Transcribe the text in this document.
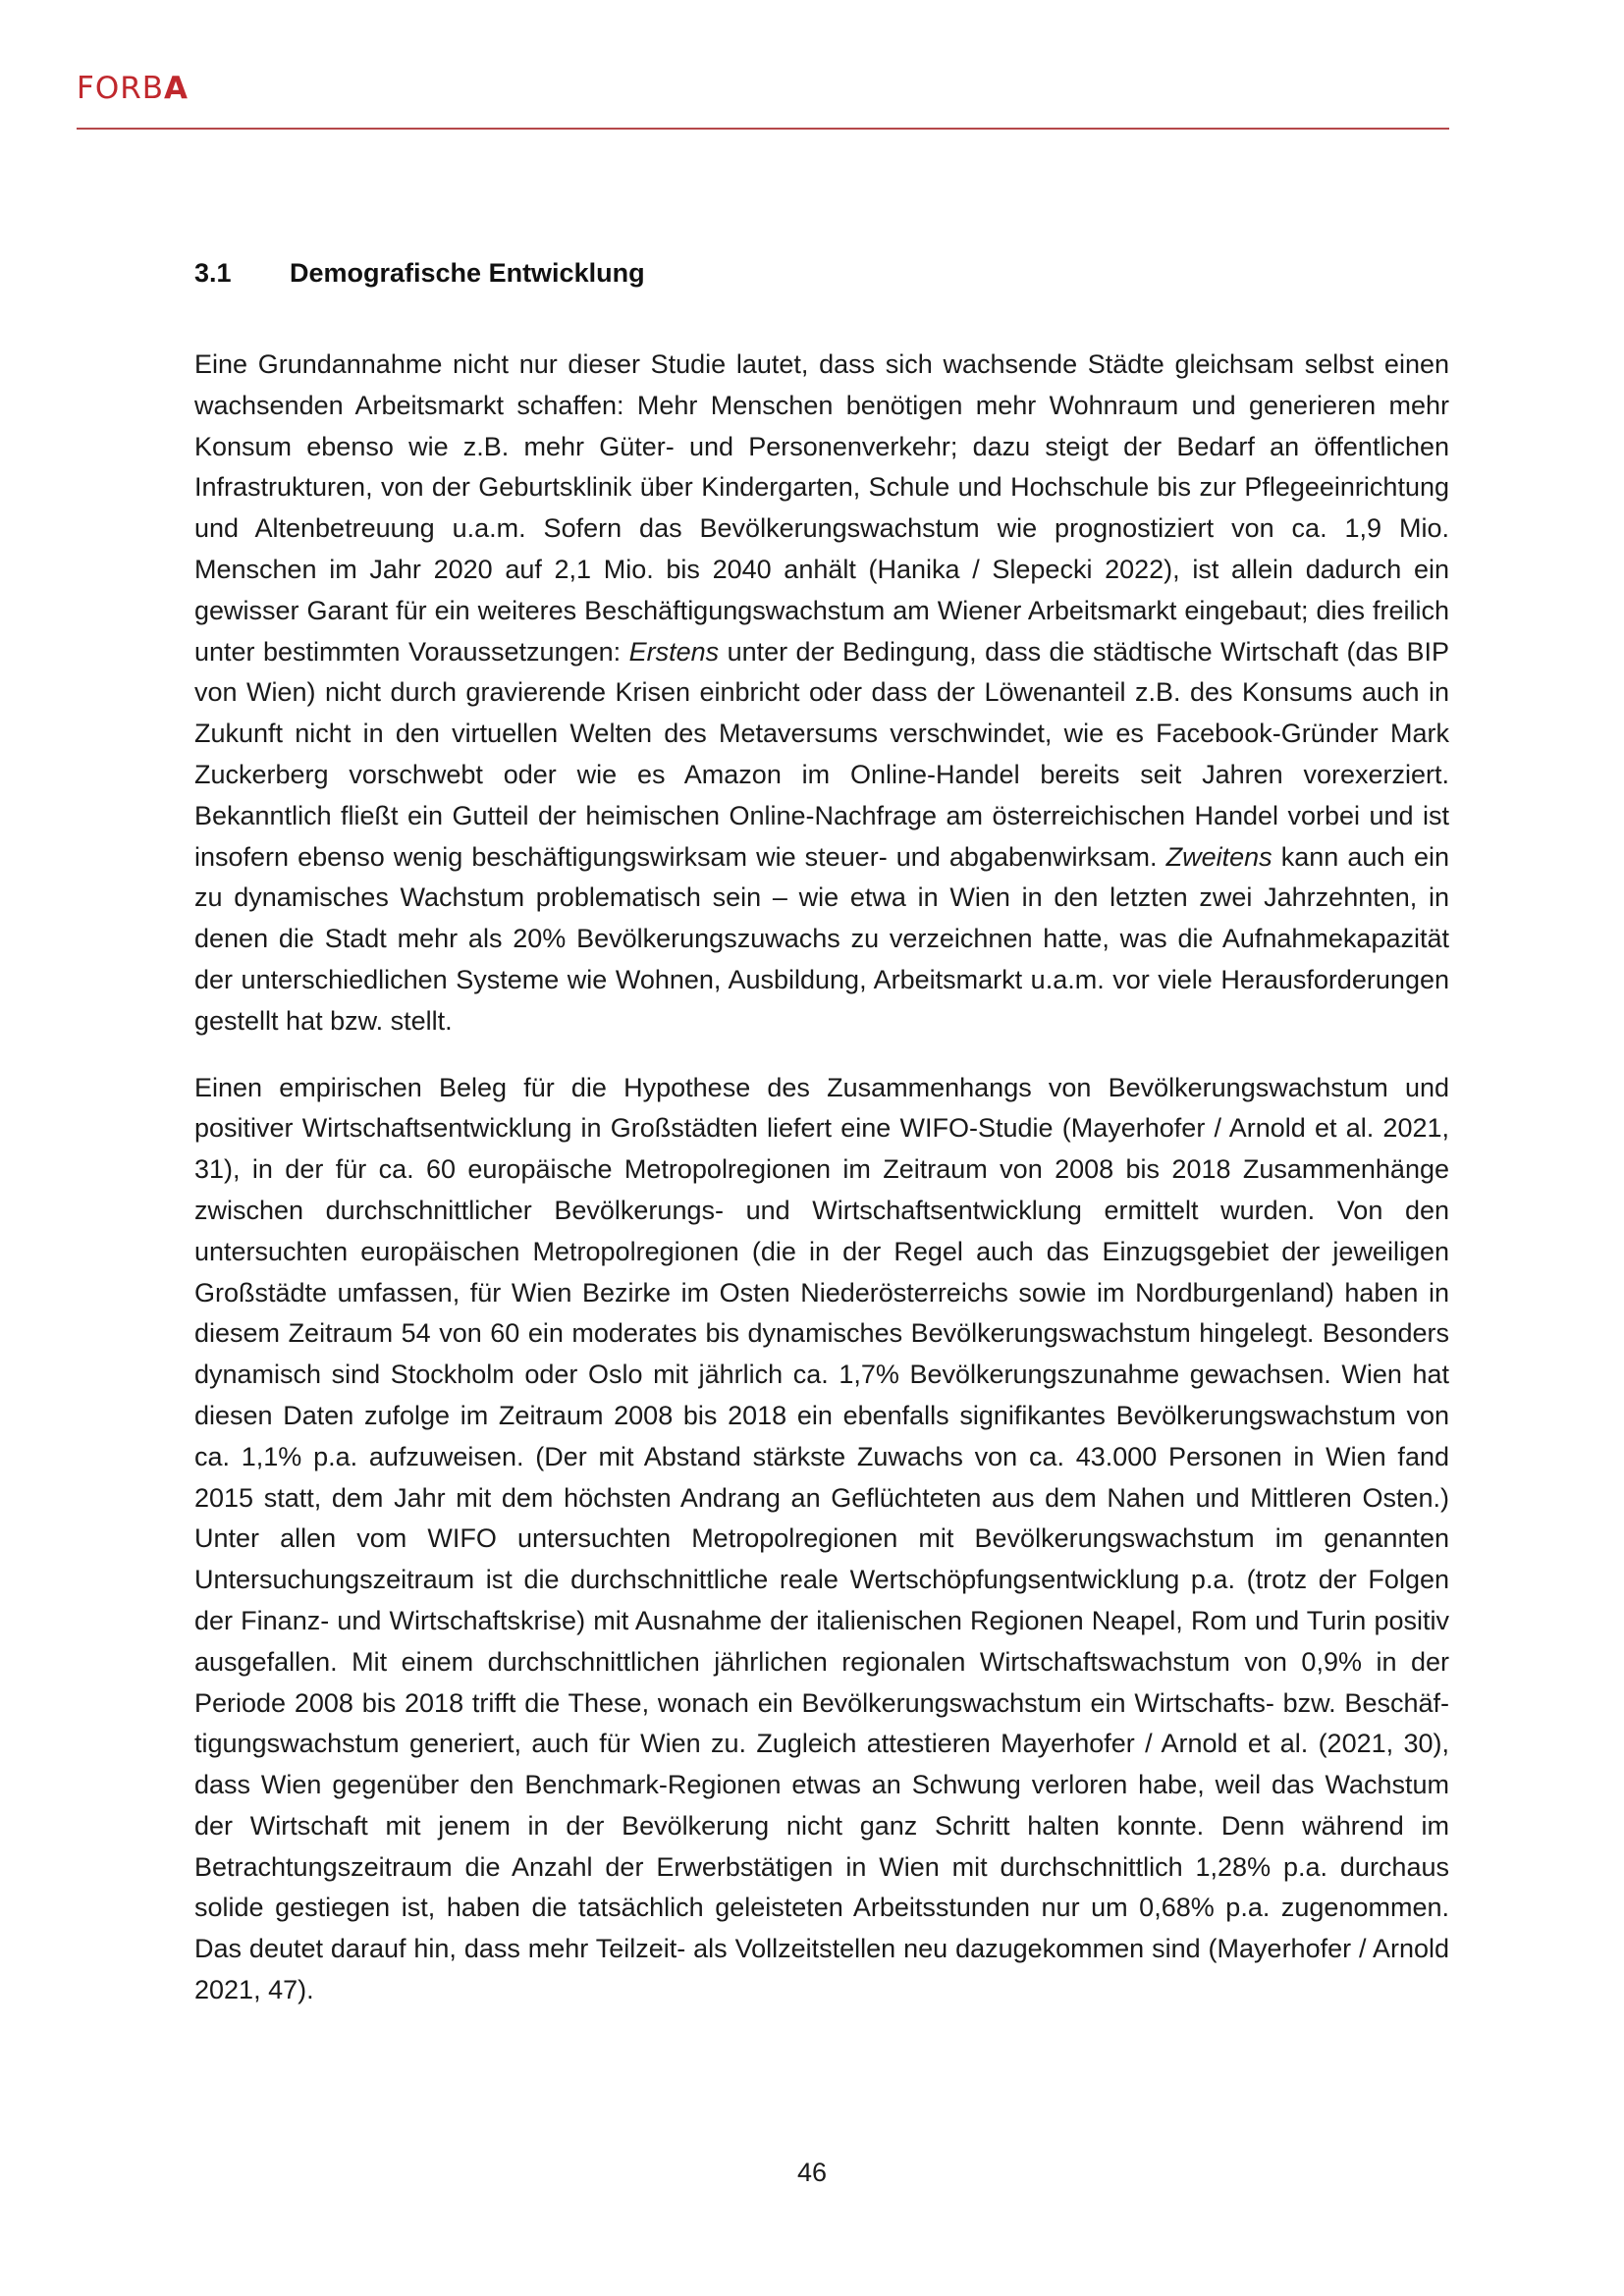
FORBA
3.1 Demografische Entwicklung

Eine Grundannahme nicht nur dieser Studie lautet, dass sich wachsende Städte gleichsam selbst einen wachsenden Arbeitsmarkt schaffen: Mehr Menschen benötigen mehr Wohnraum und generieren mehr Konsum ebenso wie z.B. mehr Güter- und Personenverkehr; dazu steigt der Bedarf an öffentlichen Infrastrukturen, von der Geburtsklinik über Kindergarten, Schule und Hochschule bis zur Pflegeeinrichtung und Altenbetreuung u.a.m. Sofern das Bevölkerungswachstum wie prognostiziert von ca. 1,9 Mio. Menschen im Jahr 2020 auf 2,1 Mio. bis 2040 anhält (Hanika / Slepecki 2022), ist allein dadurch ein gewisser Garant für ein weiteres Beschäftigungswachstum am Wiener Arbeitsmarkt eingebaut; dies freilich unter bestimmten Voraussetzungen: Erstens unter der Bedingung, dass die städtische Wirtschaft (das BIP von Wien) nicht durch gravierende Krisen einbricht oder dass der Löwenanteil z.B. des Konsums auch in Zukunft nicht in den virtuellen Welten des Metaversums verschwindet, wie es Facebook-Gründer Mark Zuckerberg vorschwebt oder wie es Amazon im Online-Handel bereits seit Jahren vorexerziert. Bekanntlich fließt ein Gutteil der heimischen Online-Nachfrage am österreichischen Handel vorbei und ist insofern ebenso wenig beschäftigungswirksam wie steuer- und abgabenwirksam. Zweitens kann auch ein zu dynamisches Wachstum problematisch sein – wie etwa in Wien in den letzten zwei Jahrzehnten, in denen die Stadt mehr als 20% Bevölkerungszuwachs zu verzeichnen hatte, was die Aufnahmekapazität der unterschiedlichen Systeme wie Wohnen, Ausbildung, Arbeitsmarkt u.a.m. vor viele Herausforderungen gestellt hat bzw. stellt.

Einen empirischen Beleg für die Hypothese des Zusammenhangs von Bevölkerungswachstum und positiver Wirtschaftsentwicklung in Großstädten liefert eine WIFO-Studie (Mayerhofer / Arnold et al. 2021, 31), in der für ca. 60 europäische Metropolregionen im Zeitraum von 2008 bis 2018 Zusammenhänge zwischen durchschnittlicher Bevölkerungs- und Wirtschaftsentwicklung ermittelt wurden. Von den untersuchten europäischen Metropolregionen (die in der Regel auch das Einzugsgebiet der jeweiligen Großstädte umfassen, für Wien Bezirke im Osten Niederösterreichs sowie im Nordburgenland) haben in diesem Zeitraum 54 von 60 ein moderates bis dynamisches Bevölkerungswachstum hingelegt. Besonders dynamisch sind Stockholm oder Oslo mit jährlich ca. 1,7% Bevölkerungszunahme gewachsen. Wien hat diesen Daten zufolge im Zeitraum 2008 bis 2018 ein ebenfalls signifikantes Bevölkerungswachstum von ca. 1,1% p.a. aufzuweisen. (Der mit Abstand stärkste Zuwachs von ca. 43.000 Personen in Wien fand 2015 statt, dem Jahr mit dem höchsten Andrang an Geflüchteten aus dem Nahen und Mittleren Osten.) Unter allen vom WIFO untersuchten Metropolregionen mit Bevölkerungswachstum im genannten Untersuchungszeitraum ist die durchschnittliche reale Wertschöpfungsentwicklung p.a. (trotz der Folgen der Finanz- und Wirtschaftskrise) mit Ausnahme der italienischen Regionen Neapel, Rom und Turin positiv ausgefallen. Mit einem durchschnittlichen jährlichen regionalen Wirtschaftswachstum von 0,9% in der Periode 2008 bis 2018 trifft die These, wonach ein Bevölkerungswachstum ein Wirtschafts- bzw. Beschäftigungswachstum generiert, auch für Wien zu. Zugleich attestieren Mayerhofer / Arnold et al. (2021, 30), dass Wien gegenüber den Benchmark-Regionen etwas an Schwung verloren habe, weil das Wachstum der Wirtschaft mit jenem in der Bevölkerung nicht ganz Schritt halten konnte. Denn während im Betrachtungszeitraum die Anzahl der Erwerbstätigen in Wien mit durchschnittlich 1,28% p.a. durchaus solide gestiegen ist, haben die tatsächlich geleisteten Arbeitsstunden nur um 0,68% p.a. zugenommen. Das deutet darauf hin, dass mehr Teilzeit- als Vollzeitstellen neu dazugekommen sind (Mayerhofer / Arnold 2021, 47).

46
